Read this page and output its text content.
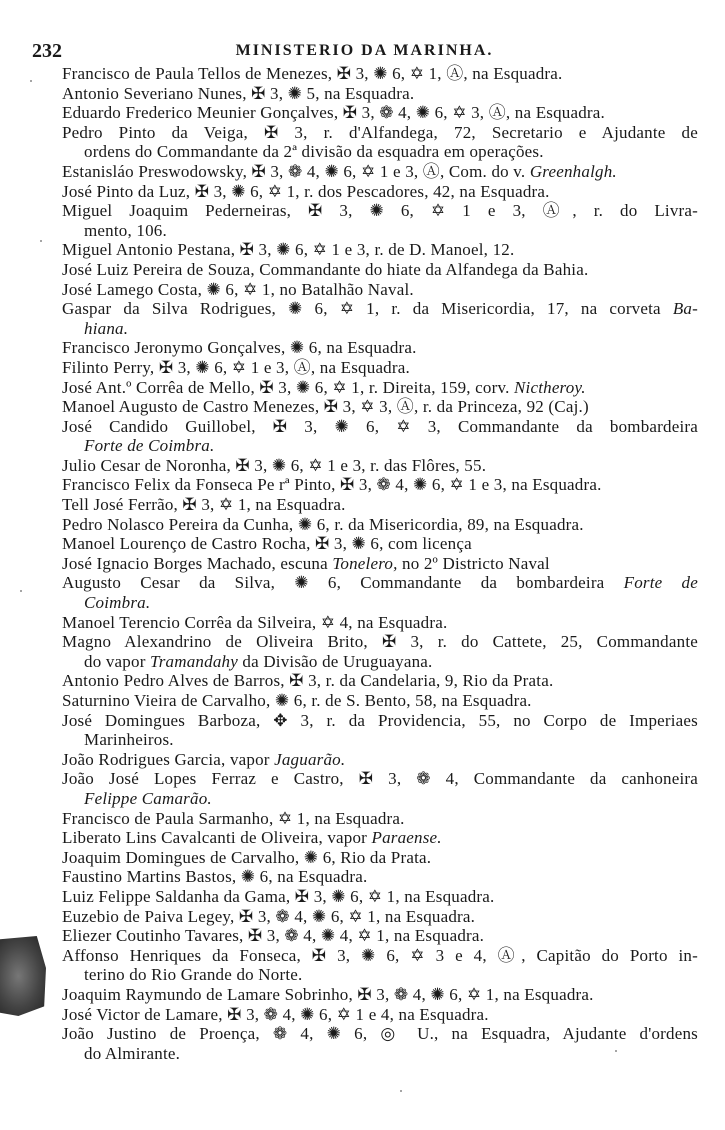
232	MINISTERIO DA MARINHA.
Francisco de Paula Tellos de Menezes, ✠ 3, ✺ 6, ✡ 1, Ⓐ, na Esquadra.
Antonio Severiano Nunes, ✠ 3, ✺ 5, na Esquadra.
Eduardo Frederico Meunier Gonçalves, ✠ 3, ❁ 4, ✺ 6, ✡ 3, Ⓐ, na Esquadra.
Pedro Pinto da Veiga, ✠ 3, r. d'Alfandega, 72, Secretario e Ajudante de
ordens do Commandante da 2ª divisão da esquadra em operações.
Estanisláo Preswodowsky, ✠ 3, ❁ 4, ✺ 6, ✡ 1 e 3, Ⓐ, Com. do v. Greenhalgh.
José Pinto da Luz, ✠ 3, ✺ 6, ✡ 1, r. dos Pescadores, 42, na Esquadra.
Miguel Joaquim Pederneiras, ✠ 3, ✺ 6, ✡ 1 e 3, Ⓐ, r. do Livra-
mento, 106.
Miguel Antonio Pestana, ✠ 3, ✺ 6, ✡ 1 e 3, r. de D. Manoel, 12.
José Luiz Pereira de Souza, Commandante do hiate da Alfandega da Bahia.
José Lamego Costa, ✺ 6, ✡ 1, no Batalhão Naval.
Gaspar da Silva Rodrigues, ✺ 6, ✡ 1, r. da Misericordia, 17, na corveta Ba-
hiana.
Francisco Jeronymo Gonçalves, ✺ 6, na Esquadra.
Filinto Perry, ✠ 3, ✺ 6, ✡ 1 e 3, Ⓐ, na Esquadra.
José Ant.º Corrêa de Mello, ✠ 3, ✺ 6, ✡ 1, r. Direita, 159, corv. Nictheroy.
Manoel Augusto de Castro Menezes, ✠ 3, ✡ 3, Ⓐ, r. da Princeza, 92 (Caj.)
José Candido Guillobel, ✠ 3, ✺ 6, ✡ 3, Commandante da bombardeira
Forte de Coimbra.
Julio Cesar de Noronha, ✠ 3, ✺ 6, ✡ 1 e 3, r. das Flôres, 55.
Francisco Felix da Fonseca Pe rª Pinto, ✠ 3, ❁ 4, ✺ 6, ✡ 1 e 3, na Esquadra.
Tell José Ferrão, ✠ 3, ✡ 1, na Esquadra.
Pedro Nolasco Pereira da Cunha, ✺ 6, r. da Misericordia, 89, na Esquadra.
Manoel Lourenço de Castro Rocha, ✠ 3, ✺ 6, com licença
José Ignacio Borges Machado, escuna Tonelero, no 2º Districto Naval
Augusto Cesar da Silva, ✺ 6, Commandante da bombardeira Forte de
Coimbra.
Manoel Terencio Corrêa da Silveira, ✡ 4, na Esquadra.
Magno Alexandrino de Oliveira Brito, ✠ 3, r. do Cattete, 25, Commandante
do vapor Tramandahy da Divisão de Uruguayana.
Antonio Pedro Alves de Barros, ✠ 3, r. da Candelaria, 9, Rio da Prata.
Saturnino Vieira de Carvalho, ✺ 6, r. de S. Bento, 58, na Esquadra.
José Domingues Barboza, ✥ 3, r. da Providencia, 55, no Corpo de Imperiaes
Marinheiros.
João Rodrigues Garcia, vapor Jaguarão.
João José Lopes Ferraz e Castro, ✠ 3, ❁ 4, Commandante da canhoneira
Felippe Camarão.
Francisco de Paula Sarmanho, ✡ 1, na Esquadra.
Liberato Lins Cavalcanti de Oliveira, vapor Paraense.
Joaquim Domingues de Carvalho, ✺ 6, Rio da Prata.
Faustino Martins Bastos, ✺ 6, na Esquadra.
Luiz Felippe Saldanha da Gama, ✠ 3, ✺ 6, ✡ 1, na Esquadra.
Euzebio de Paiva Legey, ✠ 3, ❁ 4, ✺ 6, ✡ 1, na Esquadra.
Eliezer Coutinho Tavares, ✠ 3, ❁ 4, ✺ 4, ✡ 1, na Esquadra.
Affonso Henriques da Fonseca, ✠ 3, ✺ 6, ✡ 3 e 4, Ⓐ, Capitão do Porto in-
terino do Rio Grande do Norte.
Joaquim Raymundo de Lamare Sobrinho, ✠ 3, ❁ 4, ✺ 6, ✡ 1, na Esquadra.
José Victor de Lamare, ✠ 3, ❁ 4, ✺ 6, ✡ 1 e 4, na Esquadra.
João Justino de Proença, ❁ 4, ✺ 6, ◎ U., na Esquadra, Ajudante d'ordens
do Almirante.
